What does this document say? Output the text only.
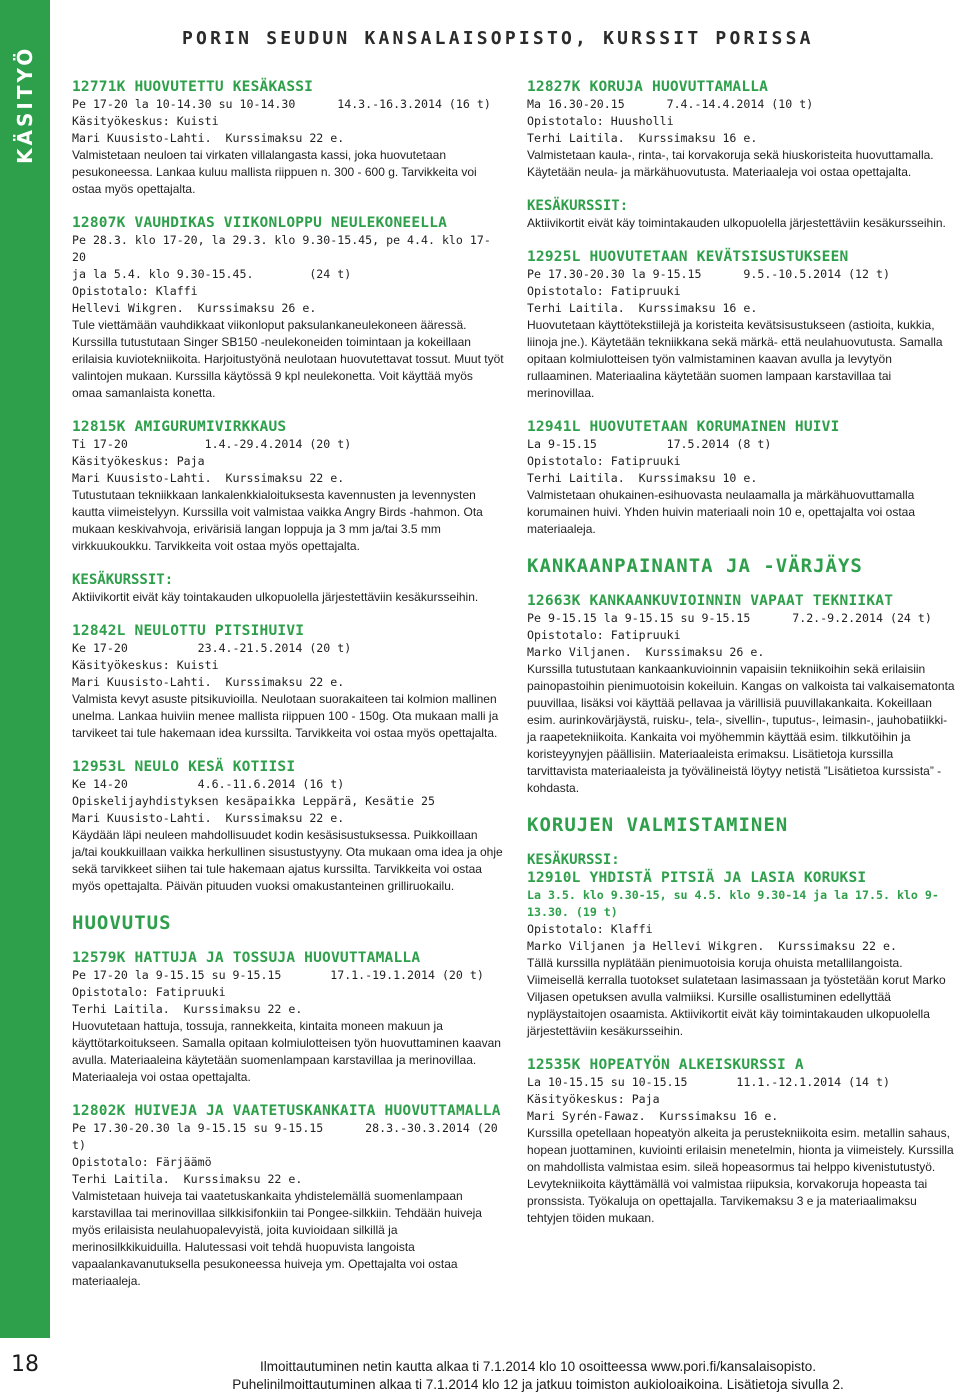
KÄSITYÖ
18
PORIN SEUDUN KANSALAISOPISTO, KURSSIT PORISSA
12771K HUOVUTETTU KESÄKASSI
Pe 17-20 la 10-14.30 su 10-14.30      14.3.-16.3.2014 (16 t)
Käsityökeskus: Kuisti
Mari Kuusisto-Lahti.  Kurssimaksu 22 e.
Valmistetaan neuloen tai virkaten villalangasta kassi, joka huovutetaan pesukoneessa. Lankaa kuluu mallista riippuen n. 300 - 600 g. Tarvikkeita voi ostaa myös opettajalta.
12807K VAUHDIKAS VIIKONLOPPU NEULEKONEELLA
Pe 28.3. klo 17-20, la 29.3. klo 9.30-15.45, pe 4.4. klo 17-20
ja la 5.4. klo 9.30-15.45.        (24 t)
Opistotalo: Klaffi
Hellevi Wikgren.  Kurssimaksu 26 e.
Tule viettämään vauhdikkaat viikonloput paksulankaneulekoneen ääressä. Kurssilla tutustutaan Singer SB150 -neulekoneiden toimintaan ja kokeillaan erilaisia kuviotekniikoita. Harjoitustyönä neulotaan huovutettavat tossut. Muut työt valintojen mukaan. Kurssilla käytössä 9 kpl neulekonetta. Voit käyttää myös omaa samanlaista konetta.
12815K AMIGURUMIVIRKKAUS
Ti 17-20           1.4.-29.4.2014 (20 t)
Käsityökeskus: Paja
Mari Kuusisto-Lahti.  Kurssimaksu 22 e.
Tutustutaan tekniikkaan lankalenkkialoituksesta kavennusten ja levennysten kautta viimeistelyyn. Kurssilla voit valmistaa vaikka Angry Birds -hahmon. Ota mukaan keskivahvoja, erivärisiä langan loppuja ja 3 mm ja/tai 3.5 mm virkkuukoukku. Tarvikkeita voit ostaa myös opettajalta.
KESÄKURSSIT:
Aktiivikortit eivät käy tointakauden ulkopuolella järjestettäviin kesäkursseihin.
12842L NEULOTTU PITSIHUIVI
Ke 17-20          23.4.-21.5.2014 (20 t)
Käsityökeskus: Kuisti
Mari Kuusisto-Lahti.  Kurssimaksu 22 e.
Valmista kevyt asuste pitsikuvioilla. Neulotaan suorakaiteen tai kolmion mallinen unelma. Lankaa huiviin menee mallista riippuen 100 - 150g. Ota mukaan malli ja tarvikeet tai tule hakemaan idea kurssilta. Tarvikkeita voi ostaa myös opettajalta.
12953L NEULO KESÄ KOTIISI
Ke 14-20          4.6.-11.6.2014 (16 t)
Opiskelijayhdistyksen kesäpaikka Leppärä, Kesätie 25
Mari Kuusisto-Lahti.  Kurssimaksu 22 e.
Käydään läpi neuleen mahdollisuudet kodin kesäsisustuksessa. Puikkoillaan ja/tai koukkuillaan vaikka herkullinen sisustustyyny. Ota mukaan oma idea ja ohje sekä tarvikkeet siihen tai tule hakemaan ajatus kurssilta. Tarvikkeita voi ostaa myös opettajalta. Päivän pituuden vuoksi omakustanteinen grilliruokailu.
HUOVUTUS
12579K HATTUJA JA TOSSUJA HUOVUTTAMALLA
Pe 17-20 la 9-15.15 su 9-15.15       17.1.-19.1.2014 (20 t)
Opistotalo: Fatipruuki
Terhi Laitila.  Kurssimaksu 22 e.
Huovutetaan hattuja, tossuja, rannekkeita, kintaita moneen makuun ja käyttötarkoitukseen. Samalla opitaan kolmiulotteisen työn huovuttaminen kaavan avulla. Materiaaleina käytetään suomenlampaan karstavillaa ja merinovillaa. Materiaaleja voi ostaa opettajalta.
12802K HUIVEJA JA VAATETUSKANKAITA HUOVUTTAMALLA
Pe 17.30-20.30 la 9-15.15 su 9-15.15      28.3.-30.3.2014 (20 t)
Opistotalo: Färjäämö
Terhi Laitila.  Kurssimaksu 22 e.
Valmistetaan huiveja tai vaatetuskankaita yhdistelemällä suomenlampaan karstavillaa tai merinovillaa silkkisifonkiin tai Pongee-silkkiin. Tehdään huiveja myös erilaisista neulahuopalevyistä, joita kuvioidaan silkillä ja merinosilkkikuiduilla. Halutessasi voit tehdä huopuvista langoista vapaalankavanutuksella pesukoneessa huiveja ym. Opettajalta voi ostaa materiaaleja.
12827K KORUJA HUOVUTTAMALLA
Ma 16.30-20.15      7.4.-14.4.2014 (10 t)
Opistotalo: Huusholli
Terhi Laitila.  Kurssimaksu 16 e.
Valmistetaan kaula-, rinta-, tai korvakoruja sekä hiuskoristeita huovuttamalla. Käytetään neula- ja märkähuovutusta. Materiaaleja voi ostaa opettajalta.
KESÄKURSSIT:
Aktiivikortit eivät käy toimintakauden ulkopuolella järjestettäviin kesäkursseihin.
12925L HUOVUTETAAN KEVÄTSISUSTUKSEEN
Pe 17.30-20.30 la 9-15.15      9.5.-10.5.2014 (12 t)
Opistotalo: Fatipruuki
Terhi Laitila.  Kurssimaksu 16 e.
Huovutetaan käyttötekstiilejä ja koristeita kevätsisustukseen (astioita, kukkia, liinoja jne.). Käytetään tekniikkana sekä märkä- että neulahuovutusta. Samalla opitaan kolmiulotteisen työn valmistaminen kaavan avulla ja levytyön rullaaminen. Materiaalina käytetään suomen lampaan karstavillaa tai merinovillaa.
12941L HUOVUTETAAN KORUMAINEN HUIVI
La 9-15.15          17.5.2014 (8 t)
Opistotalo: Fatipruuki
Terhi Laitila.  Kurssimaksu 10 e.
Valmistetaan ohukainen-esihuovasta neulaamalla ja märkähuovuttamalla korumainen huivi. Yhden huivin materiaali noin 10 e, opettajalta voi ostaa materiaaleja.
KANKAANPAINANTA JA -VÄRJÄYS
12663K KANKAANKUVIOINNIN VAPAAT TEKNIIKAT
Pe 9-15.15 la 9-15.15 su 9-15.15      7.2.-9.2.2014 (24 t)
Opistotalo: Fatipruuki
Marko Viljanen.  Kurssimaksu 26 e.
Kurssilla tutustutaan kankaankuvioinnin vapaisiin tekniikoihin sekä erilaisiin painopastoihin pienimuotoisin kokeiluin. Kangas on valkoista tai valkaisematonta puuvillaa, lisäksi voi käyttää pellavaa ja värillisiä puuvillakankaita. Kokeillaan esim. aurinkovärjäystä, ruisku-, tela-, sivellin-, tuputus-, leimasin-, jauhobatiikki- ja raapetekniikoita. Kankaita voi myöhemmin käyttää esim. tilkkutöihin ja koristeyynyjen päällisiin. Materiaaleista erimaksu. Lisätietoja kurssilla tarvittavista materiaaleista ja työvälineistä löytyy netistä ”Lisätietoa kurssista” -kohdasta.
KORUJEN VALMISTAMINEN
KESÄKURSSI:
12910L YHDISTÄ PITSIÄ JA LASIA KORUKSI
La 3.5. klo 9.30-15, su 4.5. klo 9.30-14 ja la 17.5. klo 9-13.30. (19 t)
Opistotalo: Klaffi
Marko Viljanen ja Hellevi Wikgren.  Kurssimaksu 22 e.
Tällä kurssilla nyplätään pienimuotoisia koruja ohuista metallilangoista. Viimeisellä kerralla tuotokset sulatetaan lasimassaan ja työstetään korut Marko Viljasen opetuksen avulla valmiiksi. Kursille osallistuminen edellyttää nypläystaitojen osaamista. Aktiivikortit eivät käy toimintakauden ulkopuolella järjestettäviin kesäkursseihin.
12535K HOPEATYÖN ALKEISKURSSI A
La 10-15.15 su 10-15.15       11.1.-12.1.2014 (14 t)
Käsityökeskus: Paja
Mari Syrén-Fawaz.  Kurssimaksu 16 e.
Kurssilla opetellaan hopeatyön alkeita ja perustekniikoita esim. metallin sahaus, hopean juottaminen, kuviointi erilaisin menetelmin, hionta ja viimeistely. Kurssilla on mahdollista valmistaa esim. sileä hopeasormus tai helppo kivenistutustyö. Levytekniikoita käyttämällä voi valmistaa riipuksia, korvakoruja hopeasta tai pronssista. Työkaluja on opettajalla. Tarvikemaksu 3 e ja materiaalimaksu tehtyjen töiden mukaan.
Ilmoittautuminen netin kautta alkaa ti 7.1.2014 klo 10 osoitteessa www.pori.fi/kansalaisopisto.
Puhelinilmoittautuminen alkaa ti 7.1.2014 klo 12 ja jatkuu toimiston aukioloaikoina. Lisätietoja sivulla 2.
